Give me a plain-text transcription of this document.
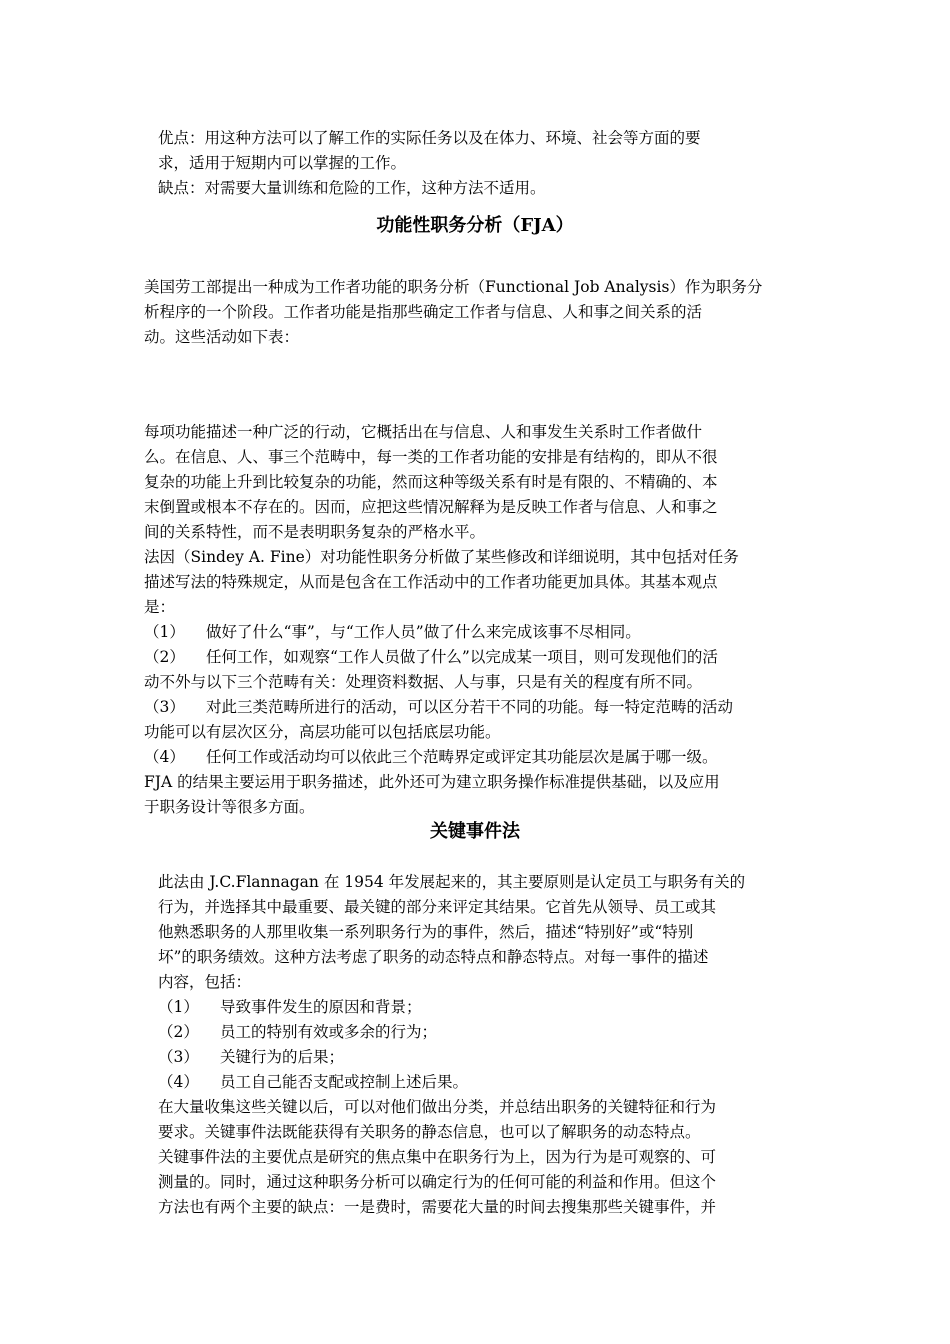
优点：用这种方法可以了解工作的实际任务以及在体力、环境、社会等方面的要
求，适用于短期内可以掌握的工作。
缺点：对需要大量训练和危险的工作，这种方法不适用。
功能性职务分析（FJA）
美国劳工部提出一种成为工作者功能的职务分析（Functional Job Analysis）作为职务分
析程序的一个阶段。工作者功能是指那些确定工作者与信息、人和事之间关系的活
动。这些活动如下表：
每项功能描述一种广泛的行动，它概括出在与信息、人和事发生关系时工作者做什
么。在信息、人、事三个范畴中，每一类的工作者功能的安排是有结构的，即从不很
复杂的功能上升到比较复杂的功能，然而这种等级关系有时是有限的、不精确的、本
末倒置或根本不存在的。因而，应把这些情况解释为是反映工作者与信息、人和事之
间的关系特性，而不是表明职务复杂的严格水平。
法因（Sindey A. Fine）对功能性职务分析做了某些修改和详细说明，其中包括对任务
描述写法的特殊规定，从而是包含在工作活动中的工作者功能更加具体。其基本观点
是：
（1） 做好了什么“事”，与“工作人员”做了什么来完成该事不尽相同。
（2） 任何工作，如观察“工作人员做了什么”以完成某一项目，则可发现他们的活
动不外与以下三个范畴有关：处理资料数据、人与事，只是有关的程度有所不同。
（3） 对此三类范畴所进行的活动，可以区分若干不同的功能。每一特定范畴的活动
功能可以有层次区分，高层功能可以包括底层功能。
（4） 任何工作或活动均可以依此三个范畴界定或评定其功能层次是属于哪一级。
FJA 的结果主要运用于职务描述，此外还可为建立职务操作标准提供基础，以及应用
于职务设计等很多方面。
关键事件法
此法由 J.C.Flannagan 在 1954 年发展起来的，其主要原则是认定员工与职务有关的
行为，并选择其中最重要、最关键的部分来评定其结果。它首先从领导、员工或其
他熟悉职务的人那里收集一系列职务行为的事件，然后，描述“特别好”或“特别
坏”的职务绩效。这种方法考虑了职务的动态特点和静态特点。对每一事件的描述
内容，包括：
（1） 导致事件发生的原因和背景；
（2） 员工的特别有效或多余的行为；
（3） 关键行为的后果；
（4） 员工自己能否支配或控制上述后果。
在大量收集这些关键以后，可以对他们做出分类，并总结出职务的关键特征和行为
要求。关键事件法既能获得有关职务的静态信息，也可以了解职务的动态特点。
关键事件法的主要优点是研究的焦点集中在职务行为上，因为行为是可观察的、可
测量的。同时，通过这种职务分析可以确定行为的任何可能的利益和作用。但这个
方法也有两个主要的缺点：一是费时，需要花大量的时间去搜集那些关键事件，并
